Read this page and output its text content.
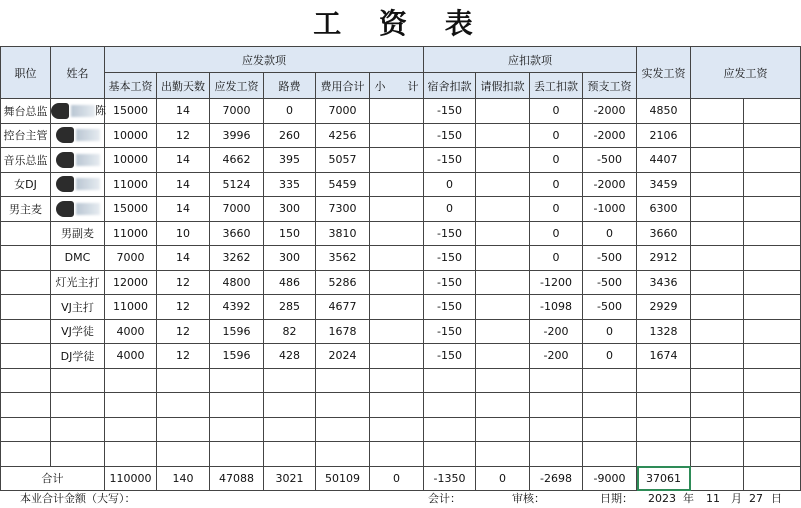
工 资 表
职位	姓名	应发款项						应扣款项				实发工资	应发工资	
		基本工资	出勤天数	应发工资	路费	费用合计	小　　计	宿舍扣款	请假扣款	丢工扣款	预支工资			
舞台总监	陈	15000	14	7000	0	7000		-150		0	-2000	4850		
控台主管		10000	12	3996	260	4256		-150		0	-2000	2106		
音乐总监		10000	14	4662	395	5057		-150		0	-500	4407		
女DJ		11000	14	5124	335	5459		0		0	-2000	3459		
男主麦		15000	14	7000	300	7300		0		0	-1000	6300		
	男副麦	11000	10	3660	150	3810		-150		0	0	3660		
	DMC	7000	14	3262	300	3562		-150		0	-500	2912		
	灯光主打	12000	12	4800	486	5286		-150		-1200	-500	3436		
	VJ主打	11000	12	4392	285	4677		-150		-1098	-500	2929		
	VJ学徒	4000	12	1596	82	1678		-150		-200	0	1328		
	DJ学徒	4000	12	1596	428	2024		-150		-200	0	1674		

合计		110000	140	47088	3021	50109	0	-1350	0	-2698	-9000	37061		
本业合计金额（大写）：	会计：	审核：	日期： 2023 年 11 月 27 日
